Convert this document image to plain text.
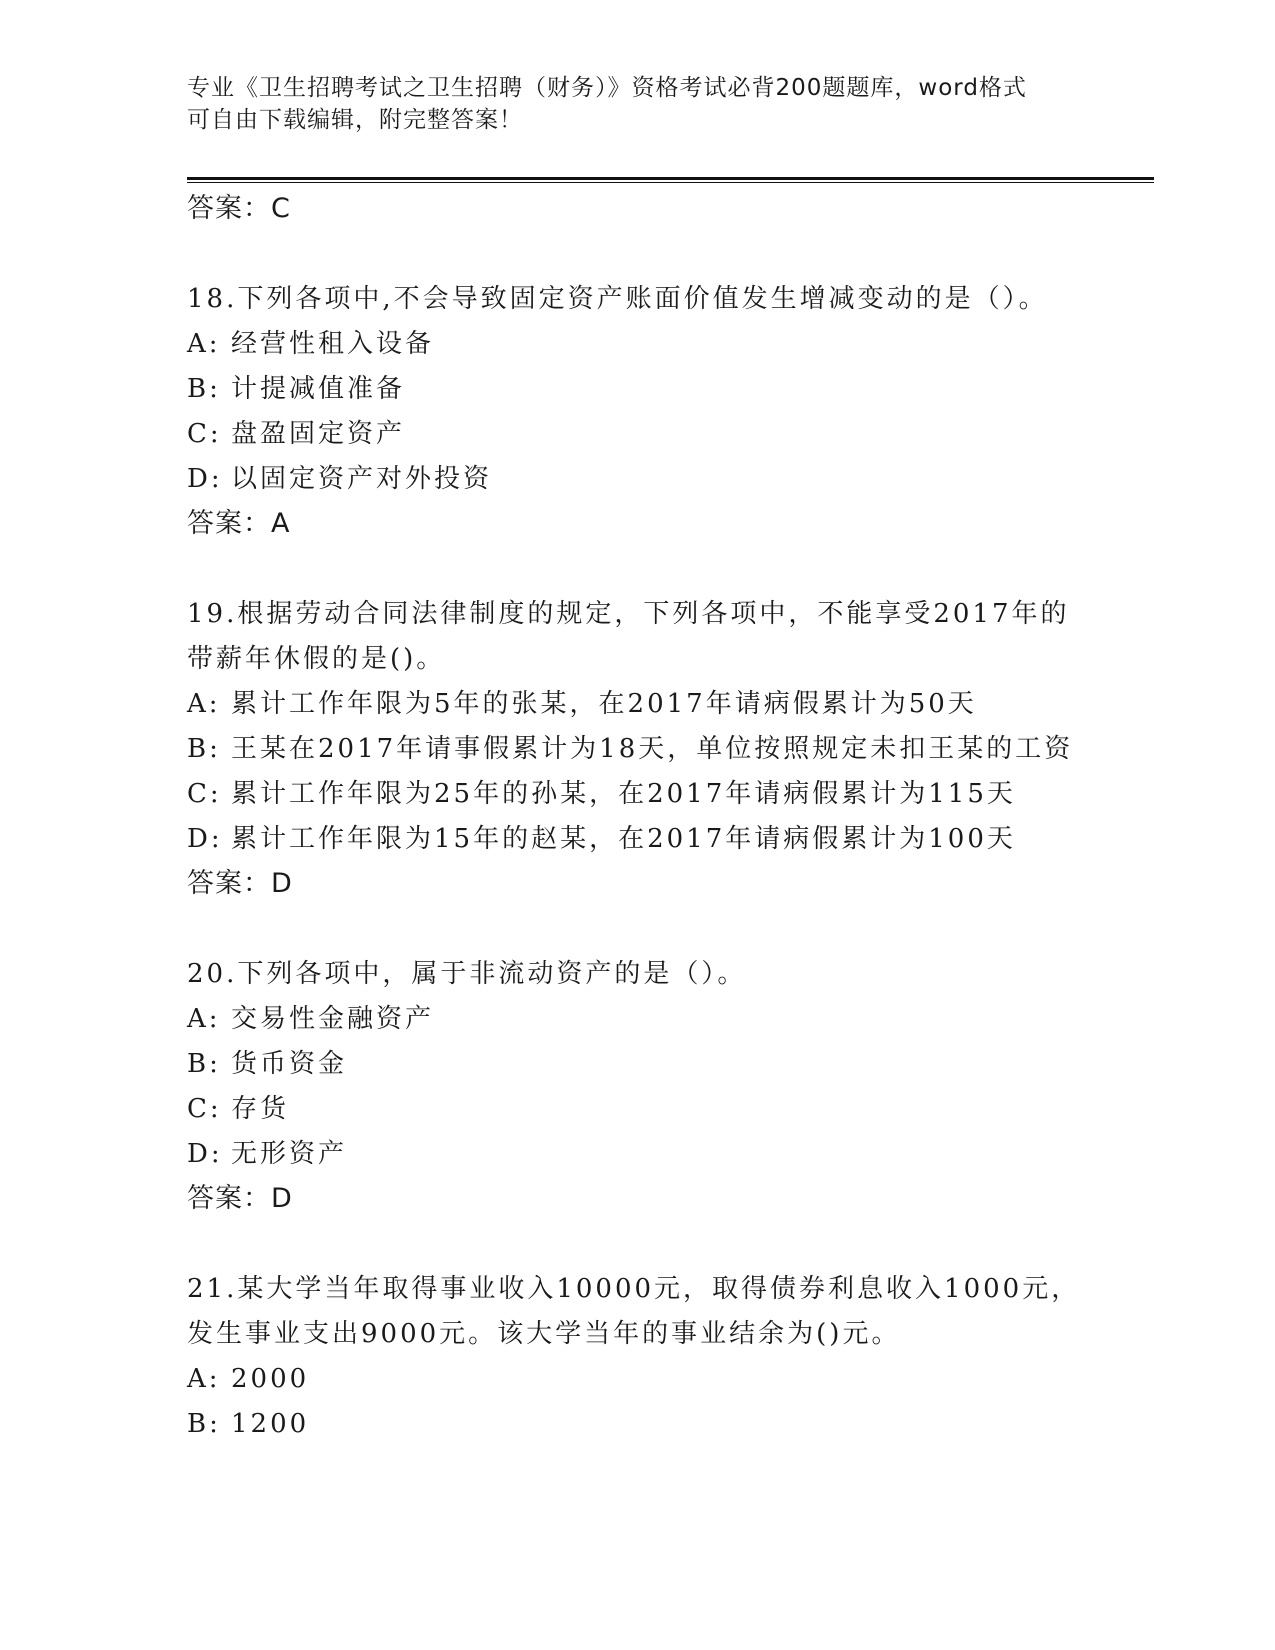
专业《卫生招聘考试之卫生招聘（财务）》资格考试必背200题题库，word格式
可自由下载编辑，附完整答案！
答案：C
18.下列各项中,不会导致固定资产账面价值发生增减变动的是（）。
A: 经营性租入设备
B: 计提减值准备
C: 盘盈固定资产
D: 以固定资产对外投资
答案：A
19.根据劳动合同法律制度的规定，下列各项中，不能享受2017年的
带薪年休假的是()。
A: 累计工作年限为5年的张某，在2017年请病假累计为50天
B: 王某在2017年请事假累计为18天，单位按照规定未扣王某的工资
C: 累计工作年限为25年的孙某，在2017年请病假累计为115天
D: 累计工作年限为15年的赵某，在2017年请病假累计为100天
答案：D
20.下列各项中，属于非流动资产的是（）。
A: 交易性金融资产
B: 货币资金
C: 存货
D: 无形资产
答案：D
21.某大学当年取得事业收入10000元，取得债券利息收入1000元，
发生事业支出9000元。该大学当年的事业结余为()元。
A: 2000
B: 1200
